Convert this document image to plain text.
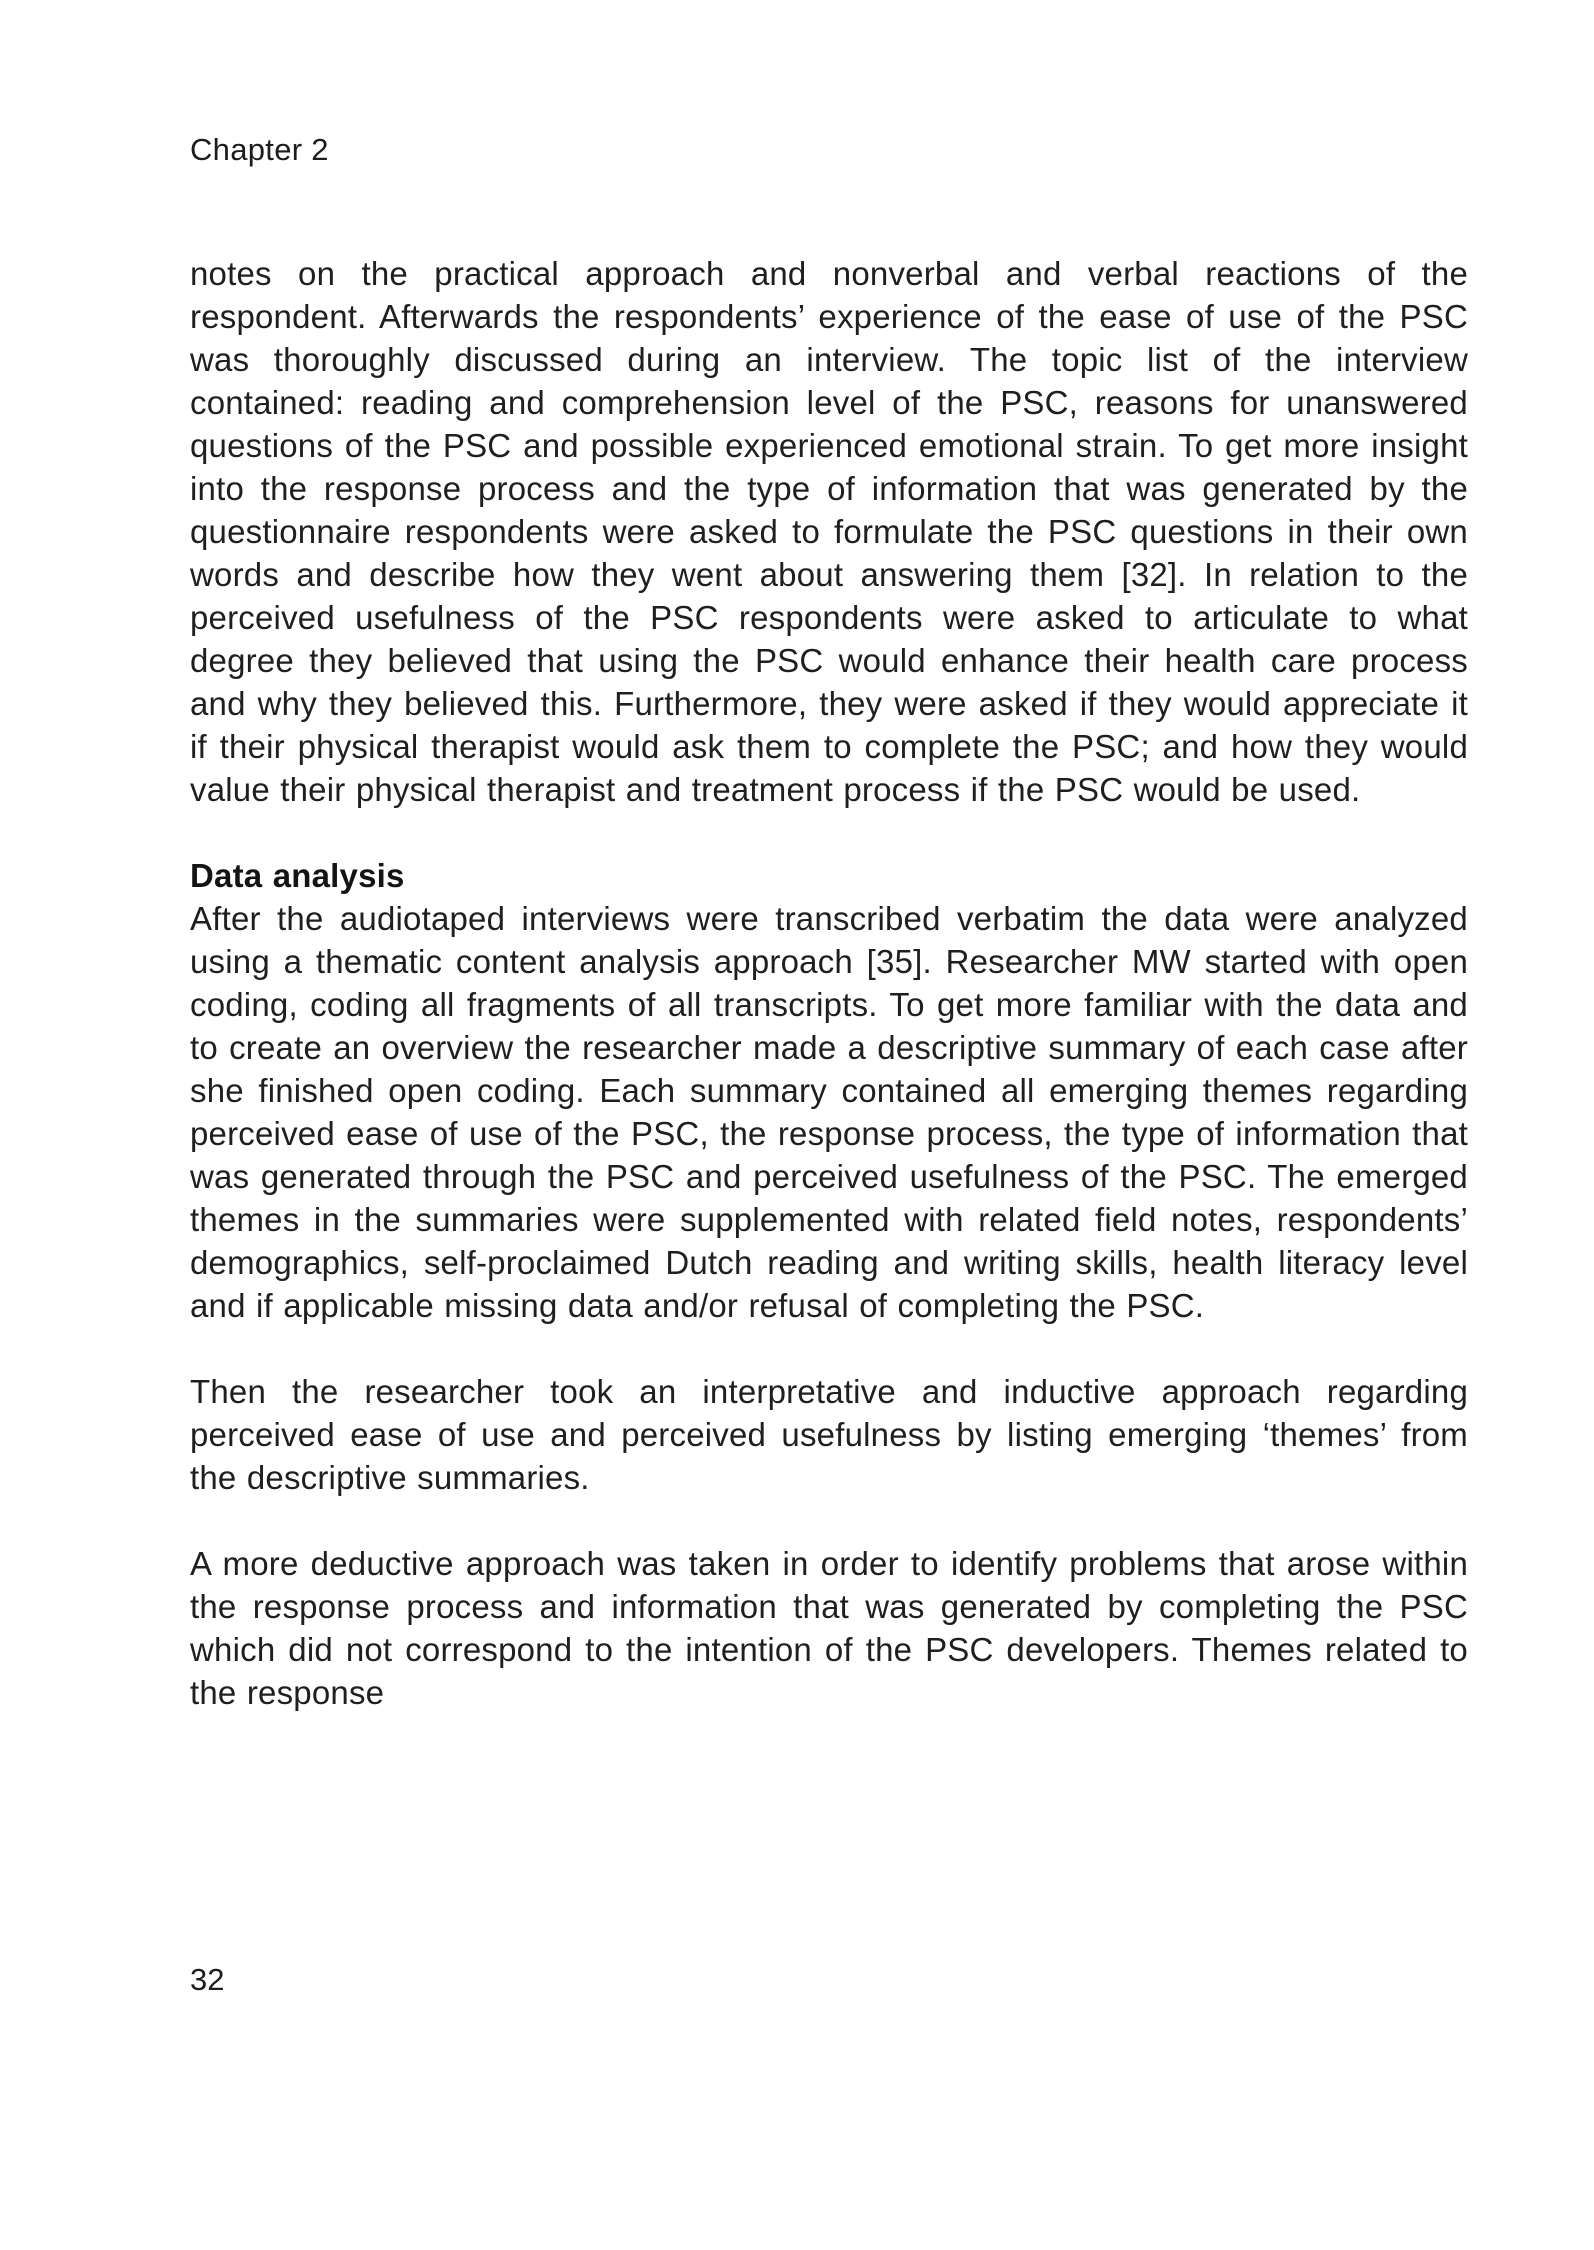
Chapter 2

notes on the practical approach and nonverbal and verbal reactions of the respondent. Afterwards the respondents’ experience of the ease of use of the PSC was thoroughly discussed during an interview. The topic list of the interview contained: reading and comprehension level of the PSC, reasons for unanswered questions of the PSC and possible experienced emotional strain. To get more insight into the response process and the type of information that was generated by the questionnaire respondents were asked to formulate the PSC questions in their own words and describe how they went about answering them [32]. In relation to the perceived usefulness of the PSC respondents were asked to articulate to what degree they believed that using the PSC would enhance their health care process and why they believed this. Furthermore, they were asked if they would appreciate it if their physical therapist would ask them to complete the PSC; and how they would value their physical therapist and treatment process if the PSC would be used.

Data analysis

After the audiotaped interviews were transcribed verbatim the data were analyzed using a thematic content analysis approach [35]. Researcher MW started with open coding, coding all fragments of all transcripts. To get more familiar with the data and to create an overview the researcher made a descriptive summary of each case after she finished open coding. Each summary contained all emerging themes regarding perceived ease of use of the PSC, the response process, the type of information that was generated through the PSC and perceived usefulness of the PSC. The emerged themes in the summaries were supplemented with related field notes, respondents’ demographics, self-proclaimed Dutch reading and writing skills, health literacy level and if applicable missing data and/or refusal of completing the PSC.

Then the researcher took an interpretative and inductive approach regarding perceived ease of use and perceived usefulness by listing emerging ‘themes’ from the descriptive summaries.

A more deductive approach was taken in order to identify problems that arose within the response process and information that was generated by completing the PSC which did not correspond to the intention of the PSC developers. Themes related to the response

32
